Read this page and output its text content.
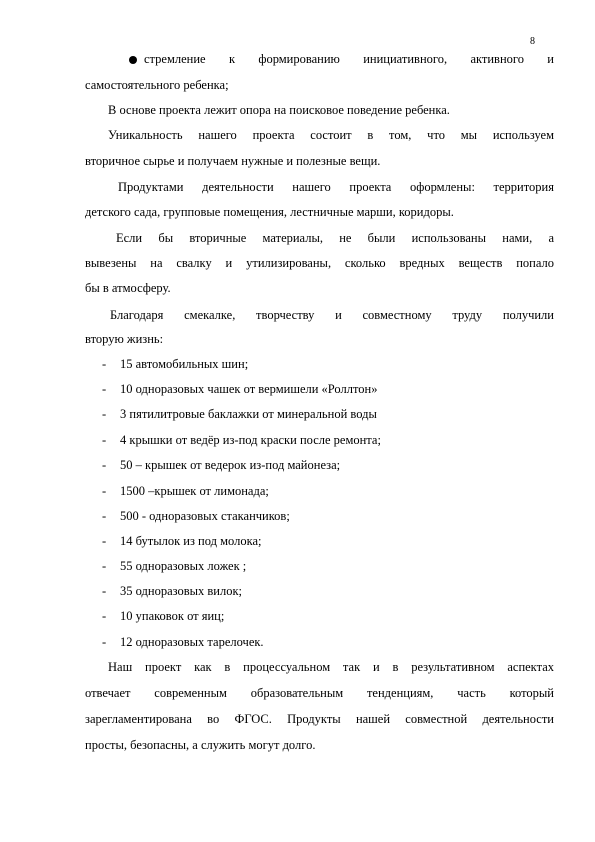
8
стремление к формированию инициативного, активного и
самостоятельного ребенка;
В основе проекта лежит опора на поисковое поведение ребенка.
Уникальность нашего проекта состоит в том, что мы используем
вторичное сырье и получаем нужные и полезные вещи.
Продуктами деятельности нашего проекта оформлены: территория
детского сада, групповые помещения, лестничные марши, коридоры.
Если бы вторичные материалы, не были использованы нами, а
вывезены на свалку и утилизированы, сколько вредных веществ попало
бы в атмосферу.
Благодаря смекалке, творчеству и совместному труду получили
вторую жизнь:
- 15 автомобильных шин;
- 10 одноразовых чашек от вермишели «Роллтон»
- 3 пятилитровые баклажки от минеральной воды
- 4 крышки от ведёр из-под краски после ремонта;
- 50 – крышек от ведерок из-под майонеза;
- 1500 –крышек от лимонада;
- 500 - одноразовых стаканчиков;
- 14 бутылок из под молока;
- 55 одноразовых ложек ;
- 35 одноразовых вилок;
- 10 упаковок от яиц;
- 12 одноразовых тарелочек.
Наш проект как в процессуальном так и в результативном аспектах
отвечает современным образовательным тенденциям, часть который
зарегламентирована во ФГОС. Продукты нашей совместной деятельности
просты, безопасны, а служить могут долго.
